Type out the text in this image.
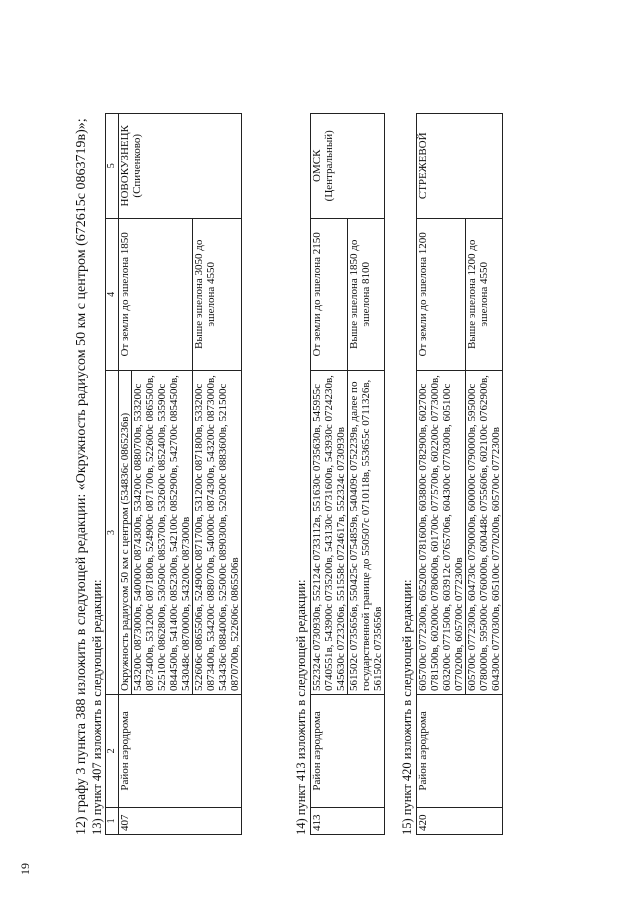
19
12) графу 3 пункта 388 изложить в следующей редакции: «Окружность радиусом 50 км с центром (672615с 0863719в)»; 13) пункт 407 изложить в следующей редакции: 1	2	3	4	5
407	Район аэродрома	Окружность радиусом 50 км с центром (534836с 0865236в)	От земли до эшелона 1850	НОВОКУЗНЕЦК (Спиченково)

		543200с 0873000в, 540000с 0874300в, 534200с 0880700в, 533200с 0873400в, 531200с 0871800в, 524900с 0871700в, 522600с 0865500в, 525100с 0862800в, 530500с 0853700в, 532600с 0852400в, 535900с 0844500в, 541400с 0852300в, 542100с 0852900в, 542700с 0854500в, 543048с 0870000в, 543200с 0873000в		
		522606с 0865506в, 524900с 0871700в, 531200с 0871800в, 533200с 0873400в, 534200с 0880700в, 540000с 0874300в, 543200с 0873000в, 543436с 0884006в, 525000с 0890300в, 520500с 0883600в, 521500с 0870700в, 522606с 0865506в	Выше эшелона 3050 до эшелона 4550	
14) пункт 413 изложить в следующей редакции: 413	Район аэродрома	552324с 0730930в, 552124с 0733112в, 551630с 0735630в, 545955с 0740551в, 543900с 0735200в, 543130с 0731600в, 543930с 0724230в, 545630с 0723206в, 551558с 0724617в, 552324с 0730930в	От земли до эшелона 2150	ОМСК (Центральный)

		561502с 0735656в, 550425с 0754859в, 540409с 0752239в, далее по государственной границе до 550507с 0710118в, 553655с 0711326в, 561502с 0735656в	Выше эшелона 1850 до эшелона 8100	
15) пункт 420 изложить в следующей редакции: 420	Район аэродрома	605700с 0772300в, 605200с 0781600в, 603800с 0782900в, 602700с 0781500в, 602000с 0780600в, 601700с 0775700в, 602200с 0773000в, 603200с 0771500в, 603912с 0765706в, 604300с 0770300в, 605100с 0770200в, 605700с 0772300в	От земли до эшелона 1200	СТРЕЖЕВОЙ

		605700с 0772300в, 604730с 0790000в, 600000с 0790000в, 595000с 0780000в, 595000с 0760000в, 600448с 0755606в, 602100с 0762900в, 604300с 0770300в, 605100с 0770200в, 605700с 0772300в	Выше эшелона 1200 до эшелона 4550	
